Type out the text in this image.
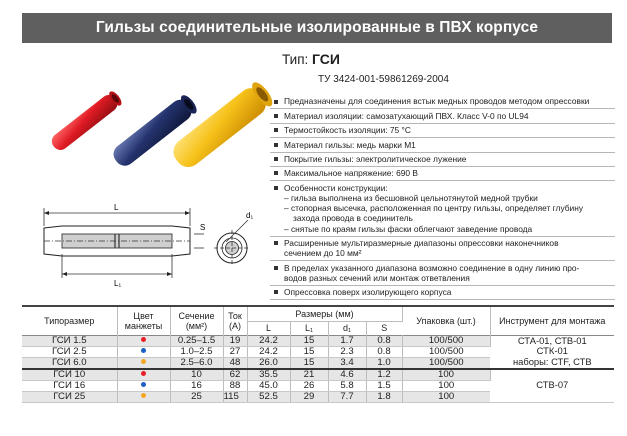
Гильзы соединительные изолированные в ПВХ корпусе
Тип: ГСИ
ТУ 3424-001-59861269-2004
Предназначены для соединения встык медных проводов методом опрессовки
Материал изоляции: самозатухающий ПВХ. Класс V-0 по UL94
Термостойкость изоляции: 75 °С
Материал гильзы: медь марки М1
Покрытие гильзы: электролитическое лужение
Максимальное напряжение: 690 В
Особенности конструкции:
– гильза выполнена из бесшовной цельнотянутой медной трубки
– стопорная высечка, расположенная по центру гильзы, определяет глубину
захода провода в соединитель
– снятые по краям гильзы фаски облегчают заведение провода
Расширенные мультиразмерные диапазоны опрессовки наконечников
сечением до 10 мм²
В пределах указанного диапазона возможно соединение в одну линию про-
водов разных сечений или монтаж ответвления
Опрессовка поверх изолирующего корпуса
L
L₁
S
d₁
Типоразмер	Цвет манжеты	Сечение (мм²)	Ток (А)	Размеры (мм)				Упаковка (шт.)	Инструмент для монтажа
				L	L₁	d₁	S		
ГСИ 1.5		0.25–1.5	19	24.2	15	1.7	0.8	100/500	СТА-01, СТВ-01
СТК-01
наборы: СТF, СТВ

ГСИ 2.5		1.0–2.5	27	24.2	15	2.3	0.8	100/500	
ГСИ 6.0		2.5–6.0	48	26.0	15	3.4	1.0	100/500	
ГСИ 10		10	62	35.5	21	4.6	1.2	100	СТВ-07

ГСИ 16		16	88	45.0	26	5.8	1.5	100	
ГСИ 25		25	115	52.5	29	7.7	1.8	100	
